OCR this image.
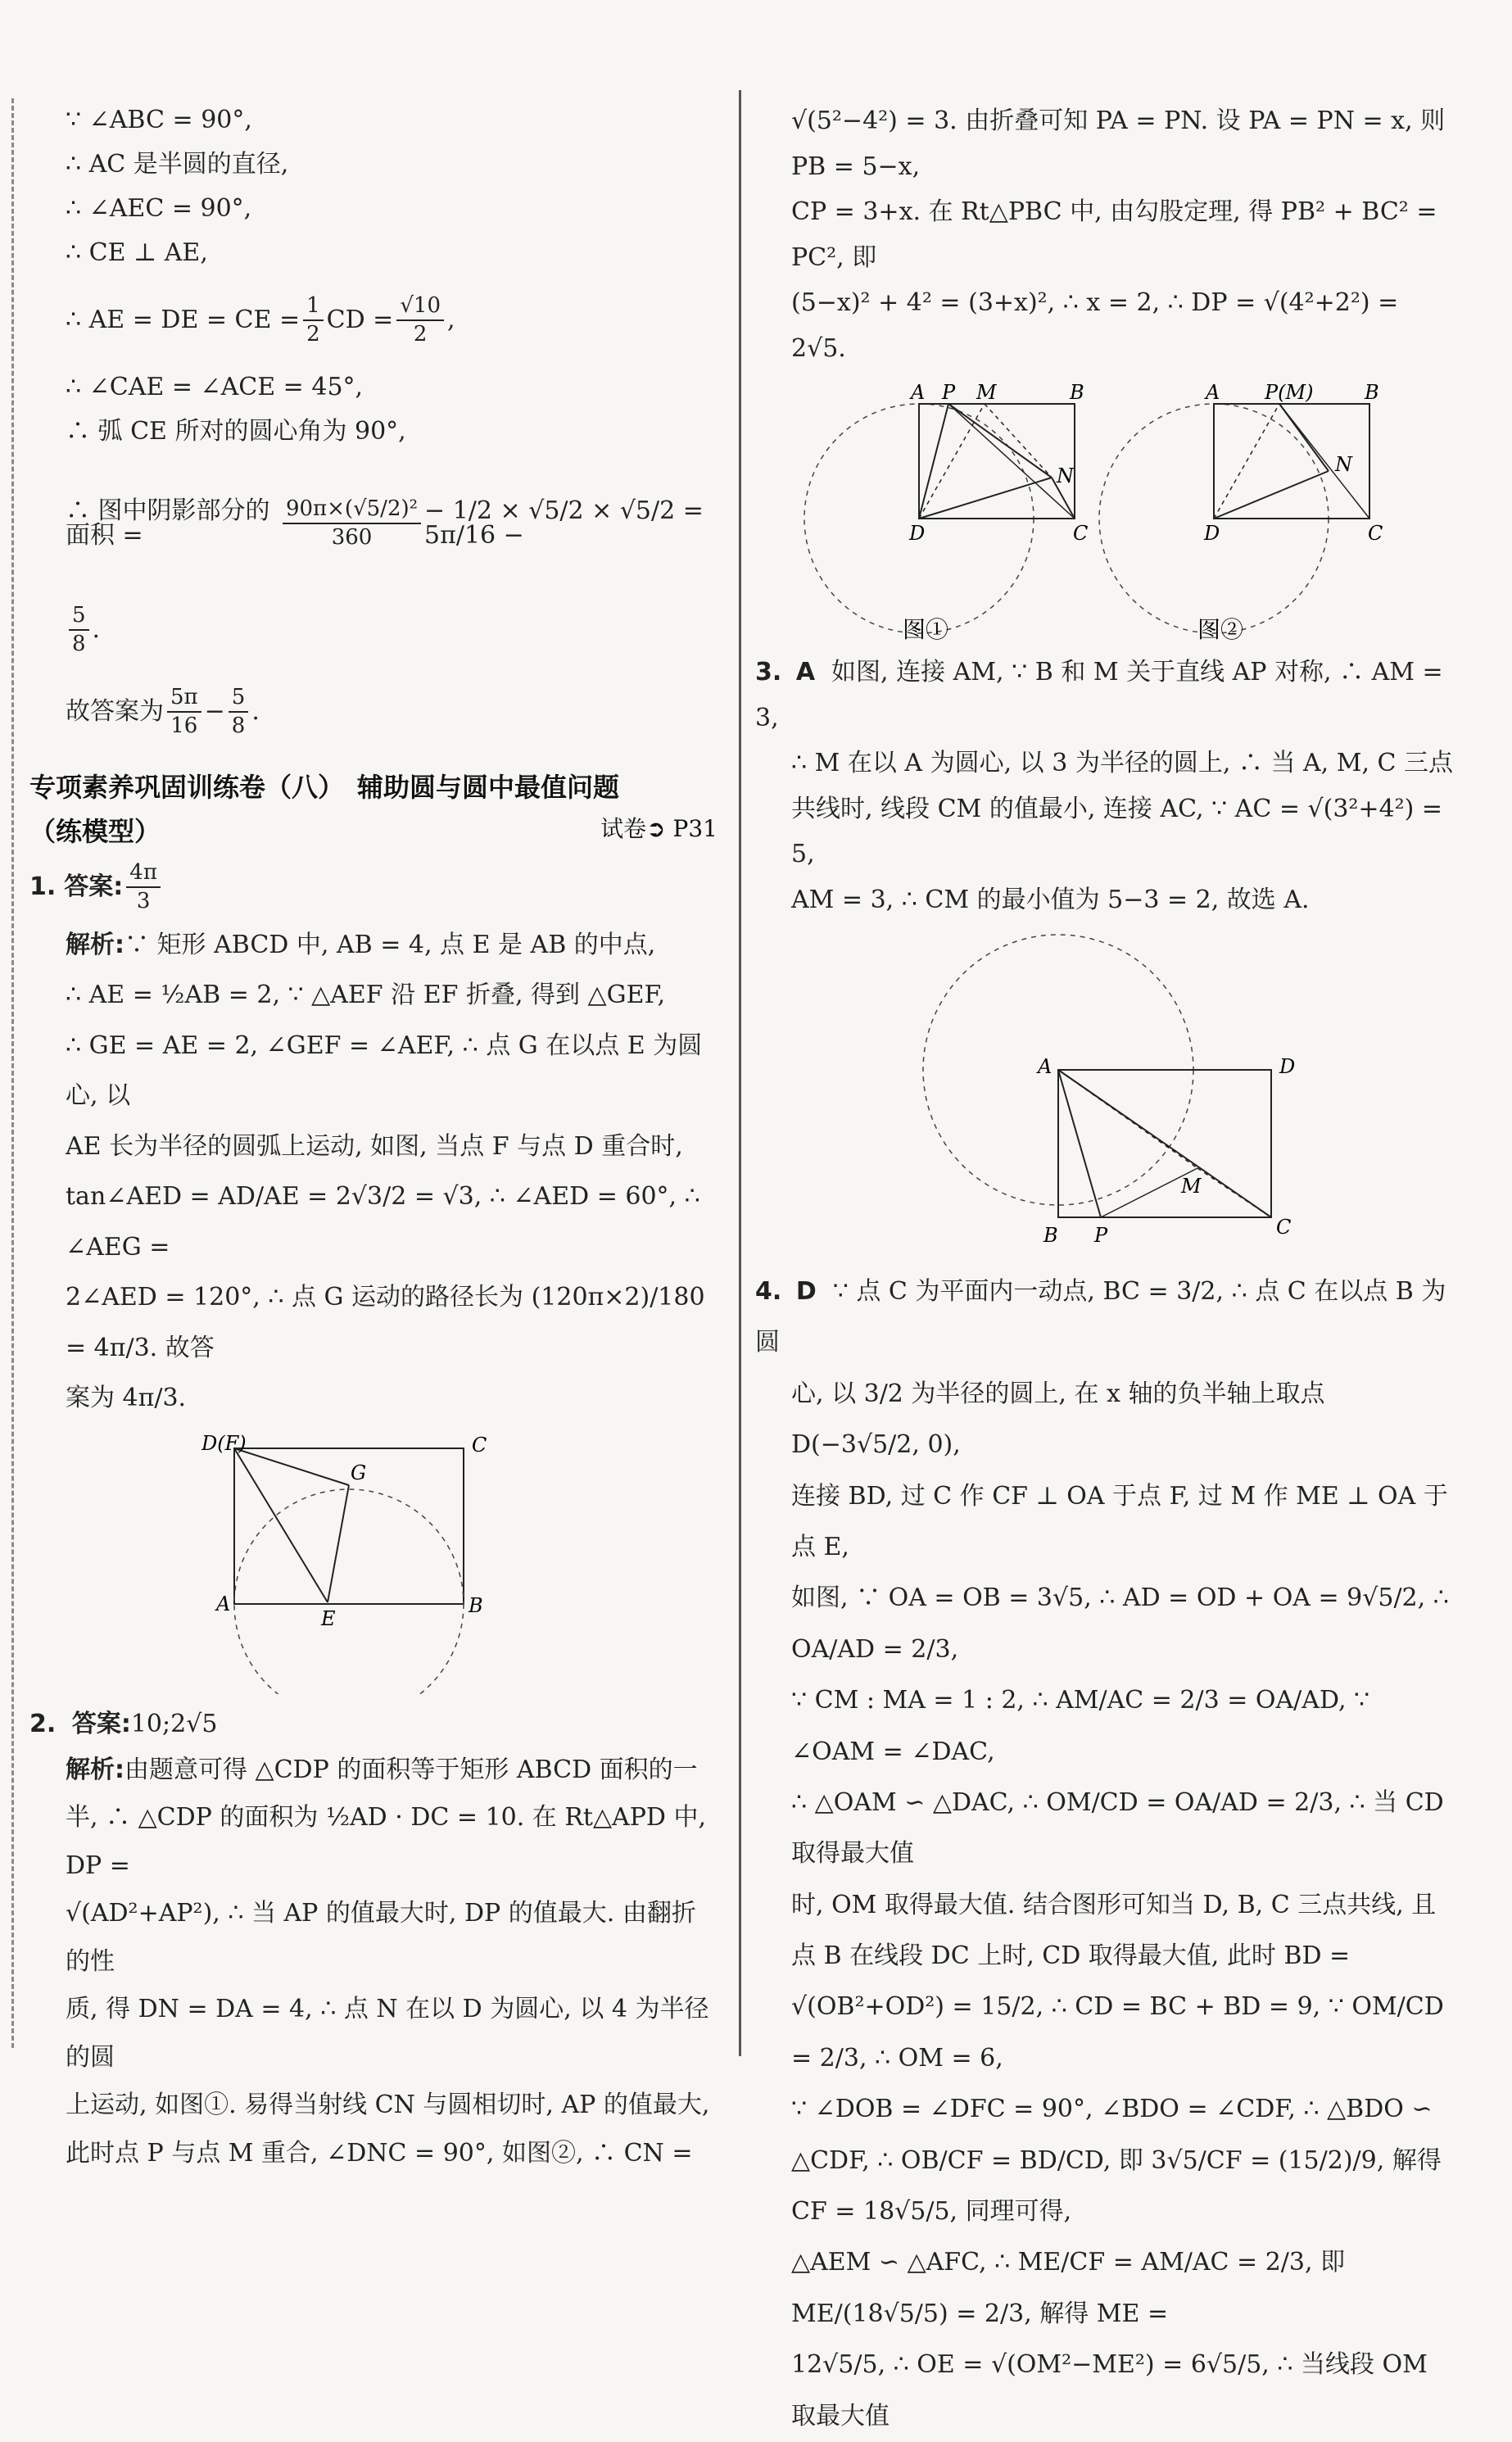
∵ ∠ABC = 90°,
∴ AC 是半圆的直径,
∴ ∠AEC = 90°,
∴ CE ⊥ AE,
∴ AE = DE = CE = $\frac{1}{2}$ CD = $\frac{√10}{2}$ ,
∴ ∠CAE = ∠ACE = 45°,
∴ 弧 CE 所对的圆心角为 90°,
∴ 图中阴影部分的面积 =	$\frac{\text{90π×(√5/2)²}}{360} - 1/2 \times √5/2 \times √5/2 = 5\pi/16$ −
$\frac{5}{8}$ .
故答案为 $\frac{5\pi}{16} - \frac{5}{8}$ .
专项素养巩固训练卷（八）　辅助圆与圆中最值问题
（练模型）	试卷➲ P31
1. 答案: $\frac{4\pi}{3}$
解析:∵ 矩形 ABCD 中, AB = 4, 点 E 是 AB 的中点,
∴ AE = ½AB = 2, ∵ △AEF 沿 EF 折叠, 得到 △GEF,
∴ GE = AE = 2, ∠GEF = ∠AEF, ∴ 点 G 在以点 E 为圆心, 以
AE 长为半径的圆弧上运动, 如图, 当点 F 与点 D 重合时,
tan∠AED = AD/AE = 2√3/2 = √3, ∴ ∠AED = 60°, ∴ ∠AEG =
2∠AED = 120°, ∴ 点 G 运动的路径长为 (120π×2)/180 = 4π/3. 故答
案为 4π/3.
D(F)	C
G
A
E
B
2. 答案:10;2√5
解析:由题意可得 △CDP 的面积等于矩形 ABCD 面积的一
半, ∴ △CDP 的面积为 ½AD · DC = 10. 在 Rt△APD 中, DP =
√(AD²+AP²), ∴ 当 AP 的值最大时, DP 的值最大. 由翻折的性
质, 得 DN = DA = 4, ∴ 点 N 在以 D 为圆心, 以 4 为半径的圆
上运动, 如图①. 易得当射线 CN 与圆相切时, AP 的值最大,
此时点 P 与点 M 重合, ∠DNC = 90°, 如图②, ∴ CN =
√(5²−4²) = 3. 由折叠可知 PA = PN. 设 PA = PN = x, 则 PB = 5−x,
CP = 3+x. 在 Rt△PBC 中, 由勾股定理, 得 PB² + BC² = PC², 即
(5−x)² + 4² = (3+x)², ∴ x = 2, ∴ DP = √(4²+2²) = 2√5.
A P M	B
N
D	C
A P(M)	B
N
D	C
图①	图②
3. A 如图, 连接 AM, ∵ B 和 M 关于直线 AP 对称, ∴ AM = 3,
∴ M 在以 A 为圆心, 以 3 为半径的圆上, ∴ 当 A, M, C 三点
共线时, 线段 CM 的值最小, 连接 AC, ∵ AC = √(3²+4²) = 5,
AM = 3, ∴ CM 的最小值为 5−3 = 2, 故选 A.
A	D
M
B P	C
4. D ∵ 点 C 为平面内一动点, BC = 3/2, ∴ 点 C 在以点 B 为圆
心, 以 3/2 为半径的圆上, 在 x 轴的负半轴上取点 D(−3√5/2, 0),
连接 BD, 过 C 作 CF ⊥ OA 于点 F, 过 M 作 ME ⊥ OA 于点 E,
如图, ∵ OA = OB = 3√5, ∴ AD = OD + OA = 9√5/2, ∴ OA/AD = 2/3,
∵ CM : MA = 1 : 2, ∴ AM/AC = 2/3 = OA/AD, ∵ ∠OAM = ∠DAC,
∴ △OAM ∽ △DAC, ∴ OM/CD = OA/AD = 2/3, ∴ 当 CD 取得最大值
时, OM 取得最大值. 结合图形可知当 D, B, C 三点共线, 且
点 B 在线段 DC 上时, CD 取得最大值, 此时 BD =
√(OB²+OD²) = 15/2, ∴ CD = BC + BD = 9, ∵ OM/CD = 2/3, ∴ OM = 6,
∵ ∠DOB = ∠DFC = 90°, ∠BDO = ∠CDF, ∴ △BDO ∽
△CDF, ∴ OB/CF = BD/CD, 即 3√5/CF = (15/2)/9, 解得 CF = 18√5/5, 同理可得,
△AEM ∽ △AFC, ∴ ME/CF = AM/AC = 2/3, 即 ME/(18√5/5) = 2/3, 解得 ME =
12√5/5, ∴ OE = √(OM²−ME²) = 6√5/5, ∴ 当线段 OM 取最大值
